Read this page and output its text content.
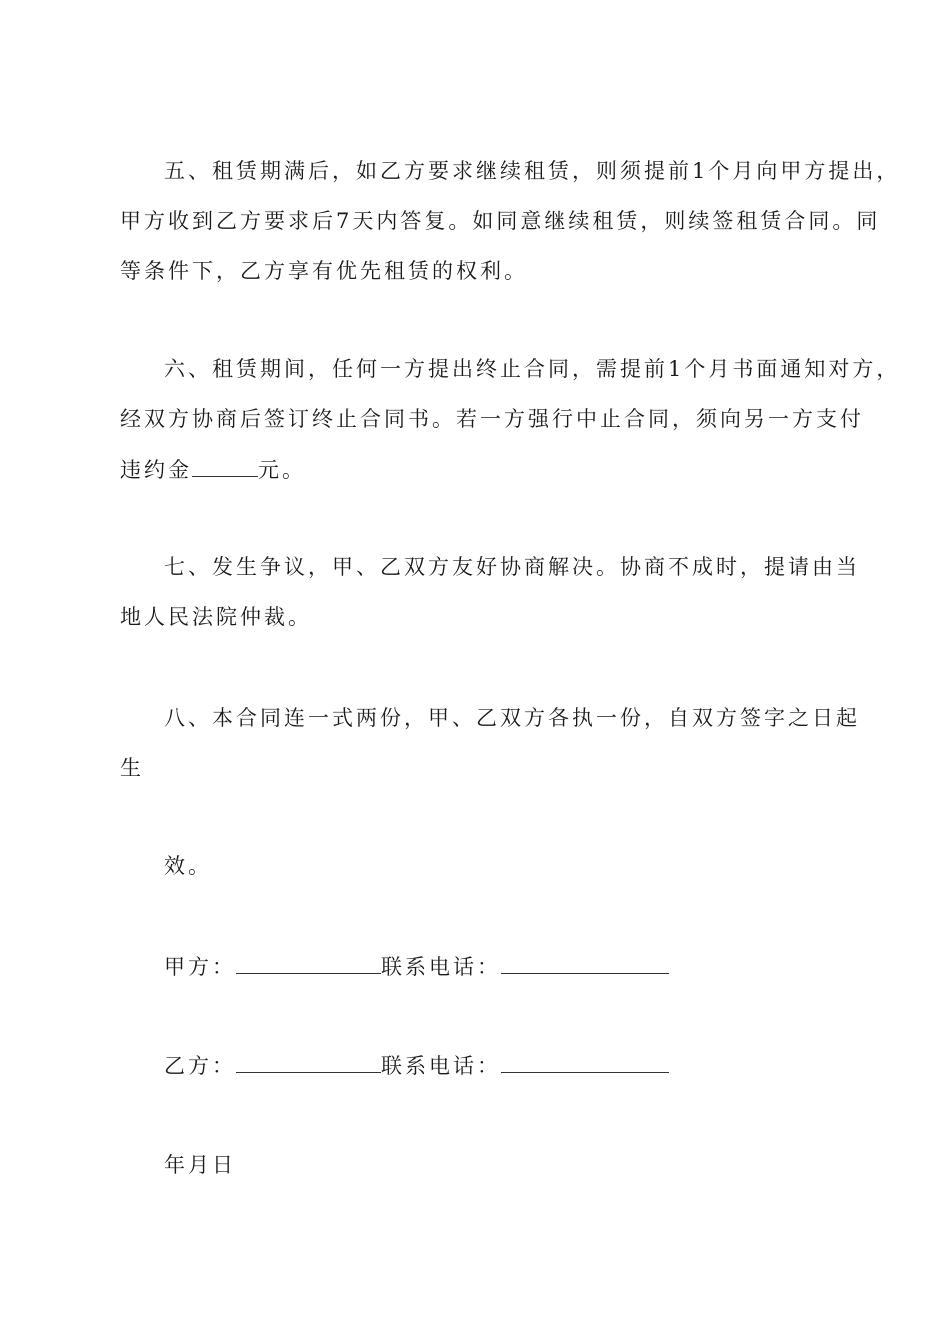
五、租赁期满后，如乙方要求继续租赁，则须提前1个月向甲方提出，
甲方收到乙方要求后7天内答复。如同意继续租赁，则续签租赁合同。同
等条件下，乙方享有优先租赁的权利。
六、租赁期间，任何一方提出终止合同，需提前1个月书面通知对方，
经双方协商后签订终止合同书。若一方强行中止合同，须向另一方支付
违约金	元。
七、发生争议，甲、乙双方友好协商解决。协商不成时，提请由当
地人民法院仲裁。
八、本合同连一式两份，甲、乙双方各执一份，自双方签字之日起
生
效。
甲方：	联系电话：
乙方：	联系电话：
年月日
